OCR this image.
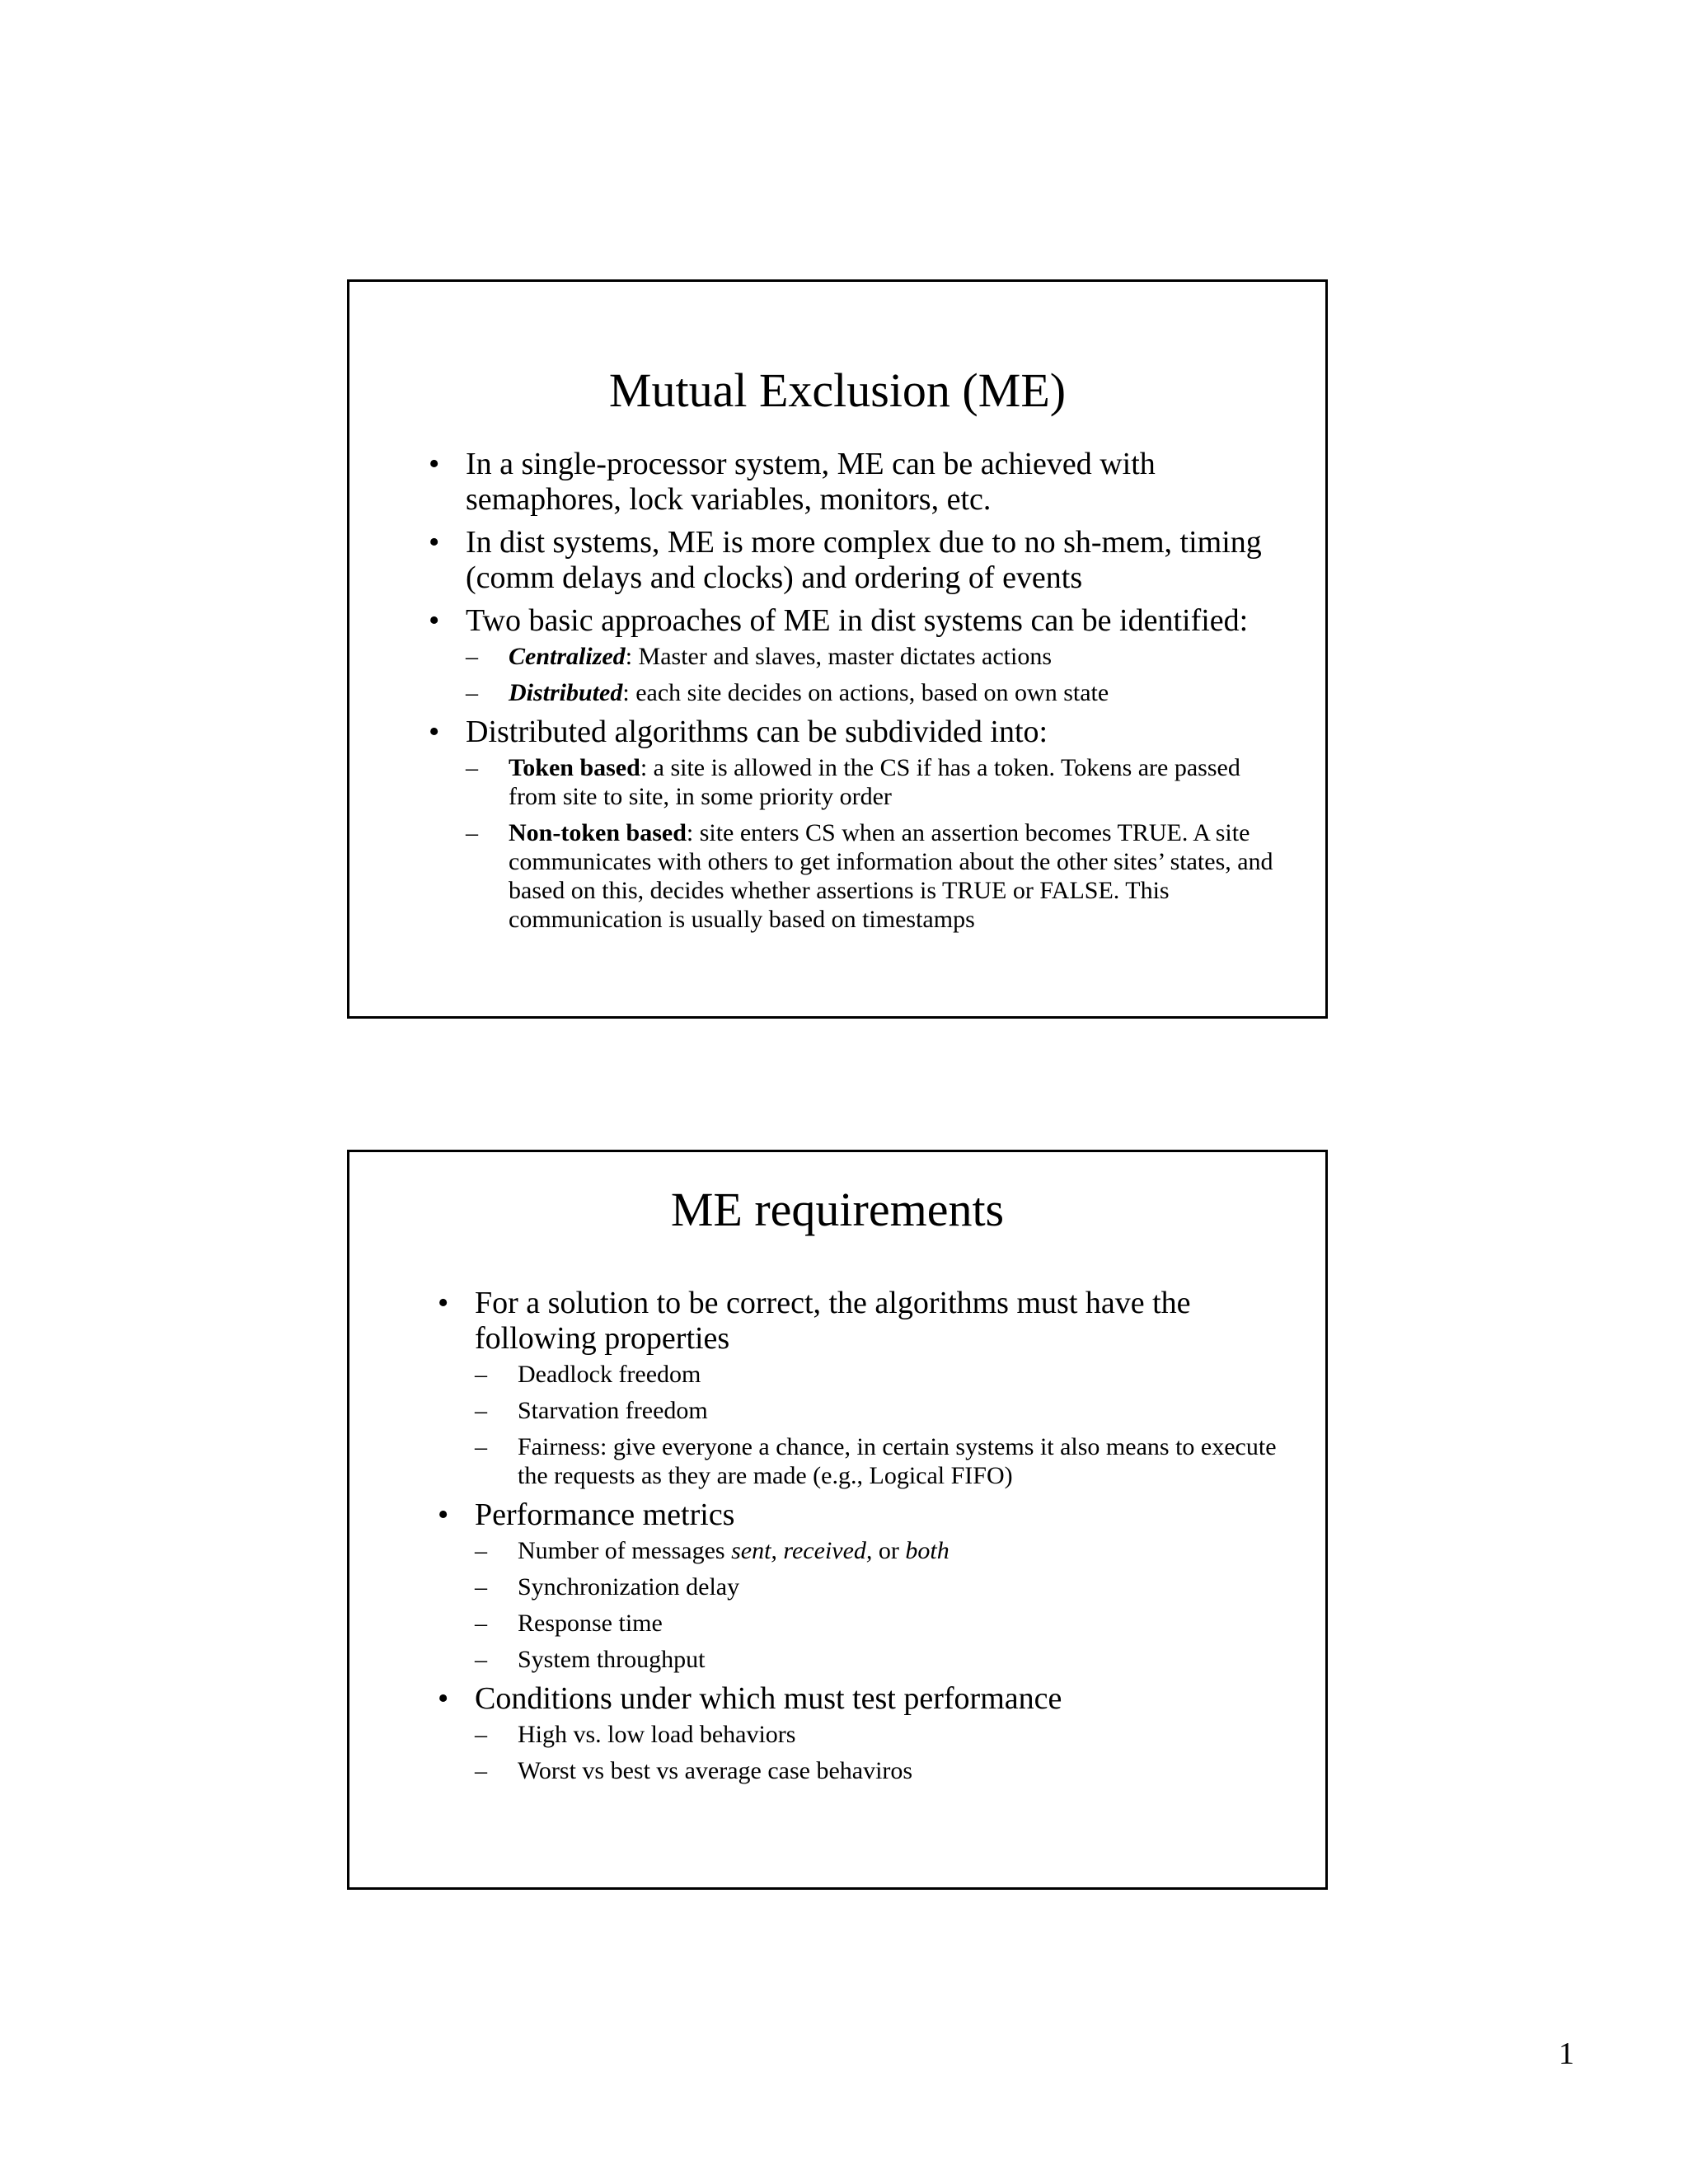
Mutual Exclusion (ME)
• In a single-processor system, ME can be achieved with semaphores, lock variables, monitors, etc.
• In dist systems, ME is more complex due to no sh-mem, timing (comm delays and clocks) and ordering of events
• Two basic approaches of ME in dist systems can be identified:
– Centralized: Master and slaves, master dictates actions
– Distributed: each site decides on actions, based on own state
• Distributed algorithms can be subdivided into:
– Token based: a site is allowed in the CS if has a token. Tokens are passed from site to site, in some priority order
– Non-token based: site enters CS when an assertion becomes TRUE. A site communicates with others to get information about the other sites’ states, and based on this, decides whether assertions is TRUE or FALSE. This communication is usually based on timestamps
ME requirements
• For a solution to be correct, the algorithms must have the following properties
– Deadlock freedom
– Starvation freedom
– Fairness: give everyone a chance, in certain systems it also means to execute the requests as they are made (e.g., Logical FIFO)
• Performance metrics
– Number of messages sent, received, or both
– Synchronization delay
– Response time
– System throughput
• Conditions under which must test performance
– High vs. low load behaviors
– Worst vs best vs average case behaviros
1
